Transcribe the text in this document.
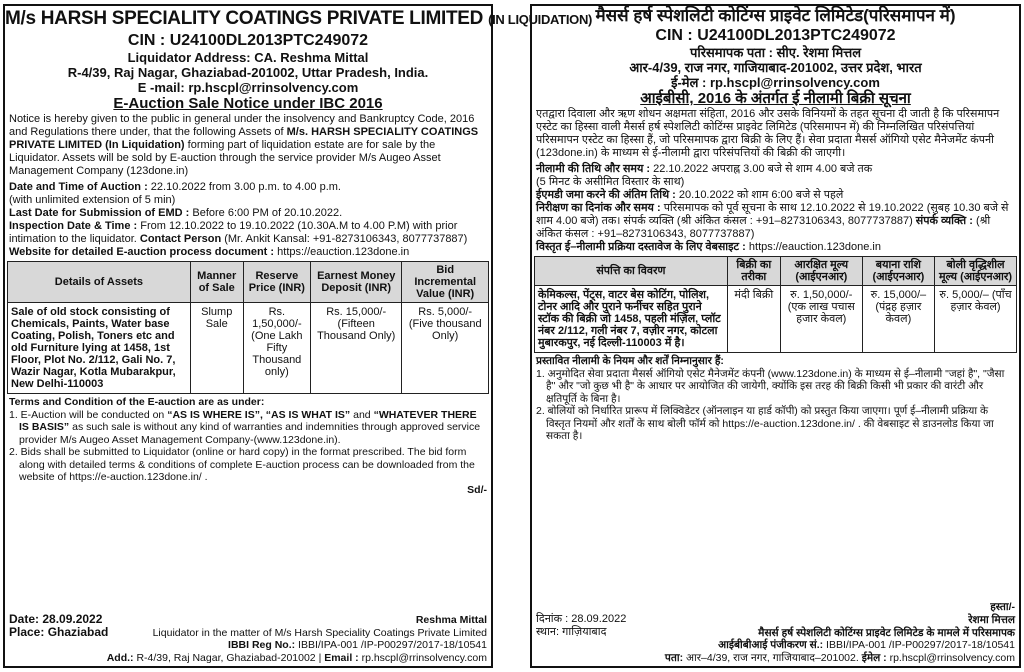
M/s HARSH SPECIALITY COATINGS PRIVATE LIMITED (IN LIQUIDATION)
CIN : U24100DL2013PTC249072
Liquidator Address: CA. Reshma Mittal
R-4/39, Raj Nagar, Ghaziabad-201002, Uttar Pradesh, India.
E -mail: rp.hscpl@rrinsolvency.com
E-Auction Sale Notice under IBC 2016

Notice is hereby given to the public in general under the insolvency and Bankruptcy Code, 2016 and Regulations there under, that the following Assets of M/s. HARSH SPECIALITY COATINGS PRIVATE LIMITED (In Liquidation) forming part of liquidation estate are for sale by the Liquidator. Assets will be sold by E-auction through the service provider M/s Augeo Asset Management Company (123done.in)

Date and Time of Auction : 22.10.2022 from 3.00 p.m. to 4.00 p.m.

(with unlimited extension of 5 min)

Last Date for Submission of EMD : Before 6:00 PM of 20.10.2022.

Inspection Date & Time : From 12.10.2022 to 19.10.2022 (10.30A.M to 4.00 P.M) with prior intimation to the liquidator. Contact Person (Mr. Ankit Kansal: +91-8273106343, 8077737887)

Website for detailed E-auction process document : https://eauction.123done.in

Details of Assets	Manner of Sale	Reserve Price (INR)	Earnest Money Deposit (INR)	Bid Incremental Value (INR)
Sale of old stock consisting of Chemicals, Paints, Water base Coating, Polish, Toners etc and old Furniture lying at 1458, 1st Floor, Plot No. 2/112, Gali No. 7, Wazir Nagar, Kotla Mubarakpur, New Delhi-110003	Slump Sale	Rs. 1,50,000/- (One Lakh Fifty Thousand only)	Rs. 15,000/- (Fifteen Thousand Only)	Rs. 5,000/- (Five thousand Only)

Terms and Condition of the E-auction are as under:

1. E-Auction will be conducted on “AS IS WHERE IS”, “AS IS WHAT IS” and “WHATEVER THERE IS BASIS” as such sale is without any kind of warranties and indemnities through approved service provider M/s Augeo Asset Management Company-(www.123done.in).

2. Bids shall be submitted to Liquidator (online or hard copy) in the format prescribed. The bid form along with detailed terms & conditions of complete E-auction process can be downloaded from the website of https://e-auction.123done.in/ .

Sd/-

Date: 28.09.2022
Place: Ghaziabad
Reshma Mittal
Liquidator in the matter of M/s Harsh Speciality Coatings Private Limited
IBBI Reg No.: IBBI/IPA-001 /IP-P00297/2017-18/10541
Add.: R-4/39, Raj Nagar, Ghaziabad-201002 | Email : rp.hscpl@rrinsolvency.com
मैसर्स हर्ष स्पेशलिटी कोटिंग्स प्राइवेट लिमिटेड(परिसमापन में)
CIN : U24100DL2013PTC249072
परिसमापक पता : सीए. रेशमा मित्तल
आर-4/39, राज नगर, गाजियाबाद-201002, उत्तर प्रदेश, भारत
ई-मेल : rp.hscpl@rrinsolvency.com
आईबीसी, 2016 के अंतर्गत ई नीलामी बिक्री सूचना

एतद्वारा दिवाला और ऋण शोधन अक्षमता संहिता, 2016 और उसके विनियमों के तहत सूचना दी जाती है कि परिसमापन एस्टेट का हिस्सा वाली मैसर्स हर्ष स्पेशलिटी कोटिंग्स प्राइवेट लिमिटेड (परिसमापन में) की निम्नलिखित परिसंपत्तियां परिसमापन एस्टेट का हिस्सा हैं, जो परिसमापक द्वारा बिक्री के लिए हैं। सेवा प्रदाता मैसर्स ऑगियो एसेट मैनेजमेंट कंपनी (123done.in) के माध्यम से ई-नीलामी द्वारा परिसंपत्तियों की बिक्री की जाएगी।

नीलामी की तिथि और समय : 22.10.2022 अपराह्न 3.00 बजे से शाम 4.00 बजे तक

(5 मिनट के असीमित विस्तार के साथ)

ईएमडी जमा करने की अंतिम तिथि : 20.10.2022 को शाम 6:00 बजे से पहले

निरीक्षण का दिनांक और समय : परिसमापक को पूर्व सूचना के साथ 12.10.2022 से 19.10.2022 (सुबह 10.30 बजे से शाम 4.00 बजे) तक। संपर्क व्यक्ति (श्री अंकित कंसल : +91–8273106343, 8077737887) संपर्क व्यक्ति : (श्री अंकित कंसल : +91–8273106343, 8077737887)

विस्तृत ई–नीलामी प्रक्रिया दस्तावेज के लिए वेबसाइट : https://eauction.123done.in

संपत्ति का विवरण	बिक्री का तरीका	आरक्षित मूल्य (आईएनआर)	बयाना राशि (आईएनआर)	बोली वृद्धिशील मूल्य (आईएनआर)
केमिकल्स, पेंट्स, वाटर बेस कोटिंग, पोलिश, टोनर आदि और पुराने फर्नीचर सहित पुराने स्टॉक की बिक्री जो 1458, पहली मंज़िल, प्लॉट नंबर 2/112, गली नंबर 7, वज़ीर नगर, कोटला मुबारकपुर, नई दिल्ली-110003 में है।	मंदी बिक्री	रु. 1,50,000/- (एक लाख पचास हजार केवल)	रु. 15,000/– (पंद्रह हज़ार केवल)	रु. 5,000/– (पाँच हज़ार केवल)

प्रस्तावित नीलामी के नियम और शर्तें निम्नानुसार हैं:

1. अनुमोदित सेवा प्रदाता मैसर्स ऑगियो एसेट मैनेजमेंट कंपनी (www.123done.in) के माध्यम से ई–नीलामी "जहां है", "जैसा है" और "जो कुछ भी है" के आधार पर आयोजित की जायेगी, क्योंकि इस तरह की बिक्री किसी भी प्रकार की वारंटी और क्षतिपूर्ति के बिना है।

2. बोलियों को निर्धारित प्रारूप में लिक्विडेटर (ऑनलाइन या हार्ड कॉपी) को प्रस्तुत किया जाएगा। पूर्ण ई–नीलामी प्रक्रिया के विस्तृत नियमों और शर्तों के साथ बोली फॉर्म को https://e-auction.123done.in/ . की वेबसाइट से डाउनलोड किया जा सकता है।

हस्ता/-
दिनांक : 28.09.2022
स्थान: गाज़ियाबाद
रेशमा मित्तल
मैसर्स हर्ष स्पेशलिटी कोटिंग्स प्राइवेट लिमिटेड के मामले में परिसमापक
आईबीबीआई पंजीकरण सं.: IBBI/IPA-001 /IP-P00297/2017-18/10541
पता: आर–4/39, राज नगर, गाजियाबाद–201002. ईमेल : rp.hscpl@rrinsolvency.com
